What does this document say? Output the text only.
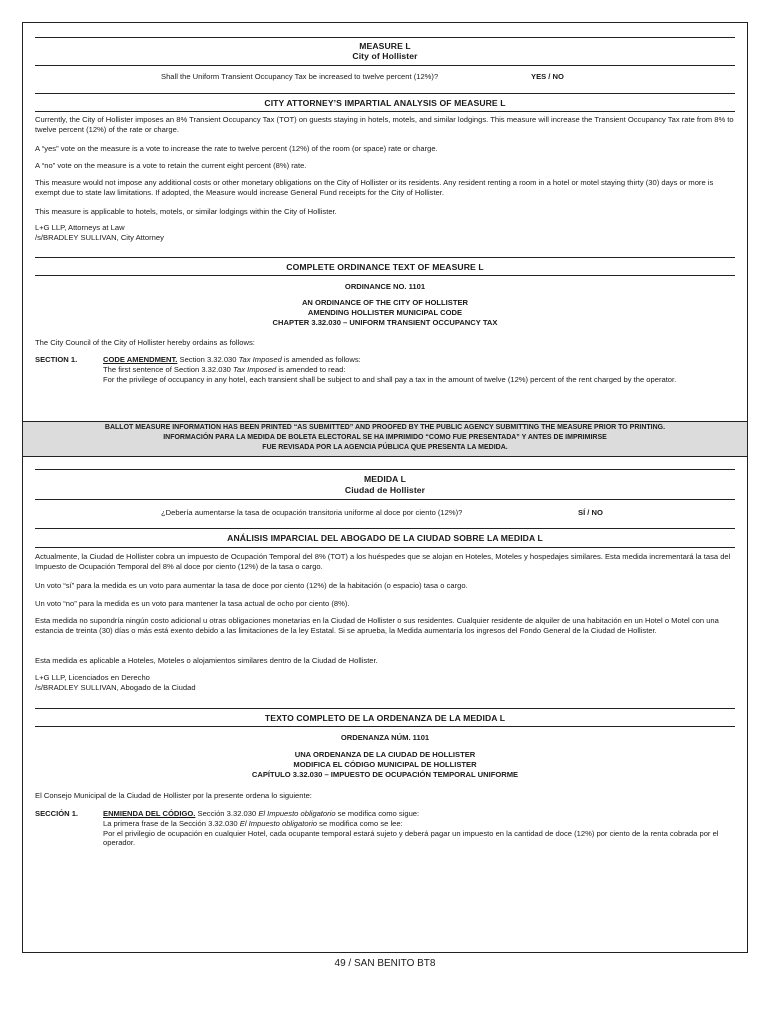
MEASURE L
City of Hollister
Shall the Uniform Transient Occupancy Tax be increased to twelve percent (12%)?	YES / NO
CITY ATTORNEY’S IMPARTIAL ANALYSIS OF MEASURE L
Currently, the City of Hollister imposes an 8% Transient Occupancy Tax (TOT) on guests staying in hotels, motels, and similar lodgings. This measure will increase the Transient Occupancy Tax rate from 8% to twelve percent (12%) of the rate or charge.
A “yes” vote on the measure is a vote to increase the rate to twelve percent (12%) of the room (or space) rate or charge.
A “no” vote on the measure is a vote to retain the current eight percent (8%) rate.
This measure would not impose any additional costs or other monetary obligations on the City of Hollister or its residents. Any resident renting a room in a hotel or motel staying thirty (30) days or more is exempt due to state law limitations. If adopted, the Measure would increase General Fund receipts for the City of Hollister.
This measure is applicable to hotels, motels, or similar lodgings within the City of Hollister.
L+G LLP, Attorneys at Law
/s/BRADLEY SULLIVAN, City Attorney
COMPLETE ORDINANCE TEXT OF MEASURE L
ORDINANCE NO. 1101
AN ORDINANCE OF THE CITY OF HOLLISTER
AMENDING HOLLISTER MUNICIPAL CODE
CHAPTER 3.32.030 – UNIFORM TRANSIENT OCCUPANCY TAX
The City Council of the City of Hollister hereby ordains as follows:
SECTION 1.	CODE AMENDMENT. Section 3.32.030 Tax Imposed is amended as follows:
The first sentence of Section 3.32.030 Tax Imposed is amended to read:
For the privilege of occupancy in any hotel, each transient shall be subject to and shall pay a tax in the amount of twelve (12%) percent of the rent charged by the operator.
BALLOT MEASURE INFORMATION HAS BEEN PRINTED “AS SUBMITTED” AND PROOFED BY THE PUBLIC AGENCY SUBMITTING THE MEASURE PRIOR TO PRINTING.
INFORMACIÓN PARA LA MEDIDA DE BOLETA ELECTORAL SE HA IMPRIMIDO “COMO FUE PRESENTADA” Y ANTES DE IMPRIMIRSE
FUE REVISADA POR LA AGENCIA PÚBLICA QUE PRESENTA LA MEDIDA.
MEDIDA L
Ciudad de Hollister
¿Debería aumentarse la tasa de ocupación transitoria uniforme al doce por ciento (12%)?	SÍ / NO
ANÁLISIS IMPARCIAL DEL ABOGADO DE LA CIUDAD SOBRE LA MEDIDA L
Actualmente, la Ciudad de Hollister cobra un impuesto de Ocupación Temporal del 8% (TOT) a los huéspedes que se alojan en Hoteles, Moteles y hospedajes similares. Esta medida incrementará la tasa del Impuesto de Ocupación Temporal del 8% al doce por ciento (12%) de la tasa o cargo.
Un voto “sí” para la medida es un voto para aumentar la tasa de doce por ciento (12%) de la habitación (o espacio) tasa o cargo.
Un voto “no” para la medida es un voto para mantener la tasa actual de ocho por ciento (8%).
Esta medida no supondría ningún costo adicional u otras obligaciones monetarias en la Ciudad de Hollister o sus residentes. Cualquier residente de alquiler de una habitación en un Hotel o Motel con una estancia de treinta (30) días o más está exento debido a las limitaciones de la ley Estatal. Si se aprueba, la Medida aumentaría los ingresos del Fondo General de la Ciudad de Hollister.
Esta medida es aplicable a Hoteles, Moteles o alojamientos similares dentro de la Ciudad de Hollister.
L+G LLP, Licenciados en Derecho
/s/BRADLEY SULLIVAN, Abogado de la Ciudad
TEXTO COMPLETO DE LA ORDENANZA DE LA MEDIDA L
ORDENANZA NÚM. 1101
UNA ORDENANZA DE LA CIUDAD DE HOLLISTER
MODIFICA EL CÓDIGO MUNICIPAL DE HOLLISTER
CAPÍTULO 3.32.030 – IMPUESTO DE OCUPACIÓN TEMPORAL UNIFORME
El Consejo Municipal de la Ciudad de Hollister por la presente ordena lo siguiente:
SECCIÓN 1.	ENMIENDA DEL CÓDIGO. Sección 3.32.030 El Impuesto obligatorio se modifica como sigue:
La primera frase de la Sección 3.32.030 El Impuesto obligatorio se modifica como se lee:
Por el privilegio de ocupación en cualquier Hotel, cada ocupante temporal estará sujeto y deberá pagar un impuesto en la cantidad de doce (12%) por ciento de la renta cobrada por el operador.
49 / SAN BENITO BT8
